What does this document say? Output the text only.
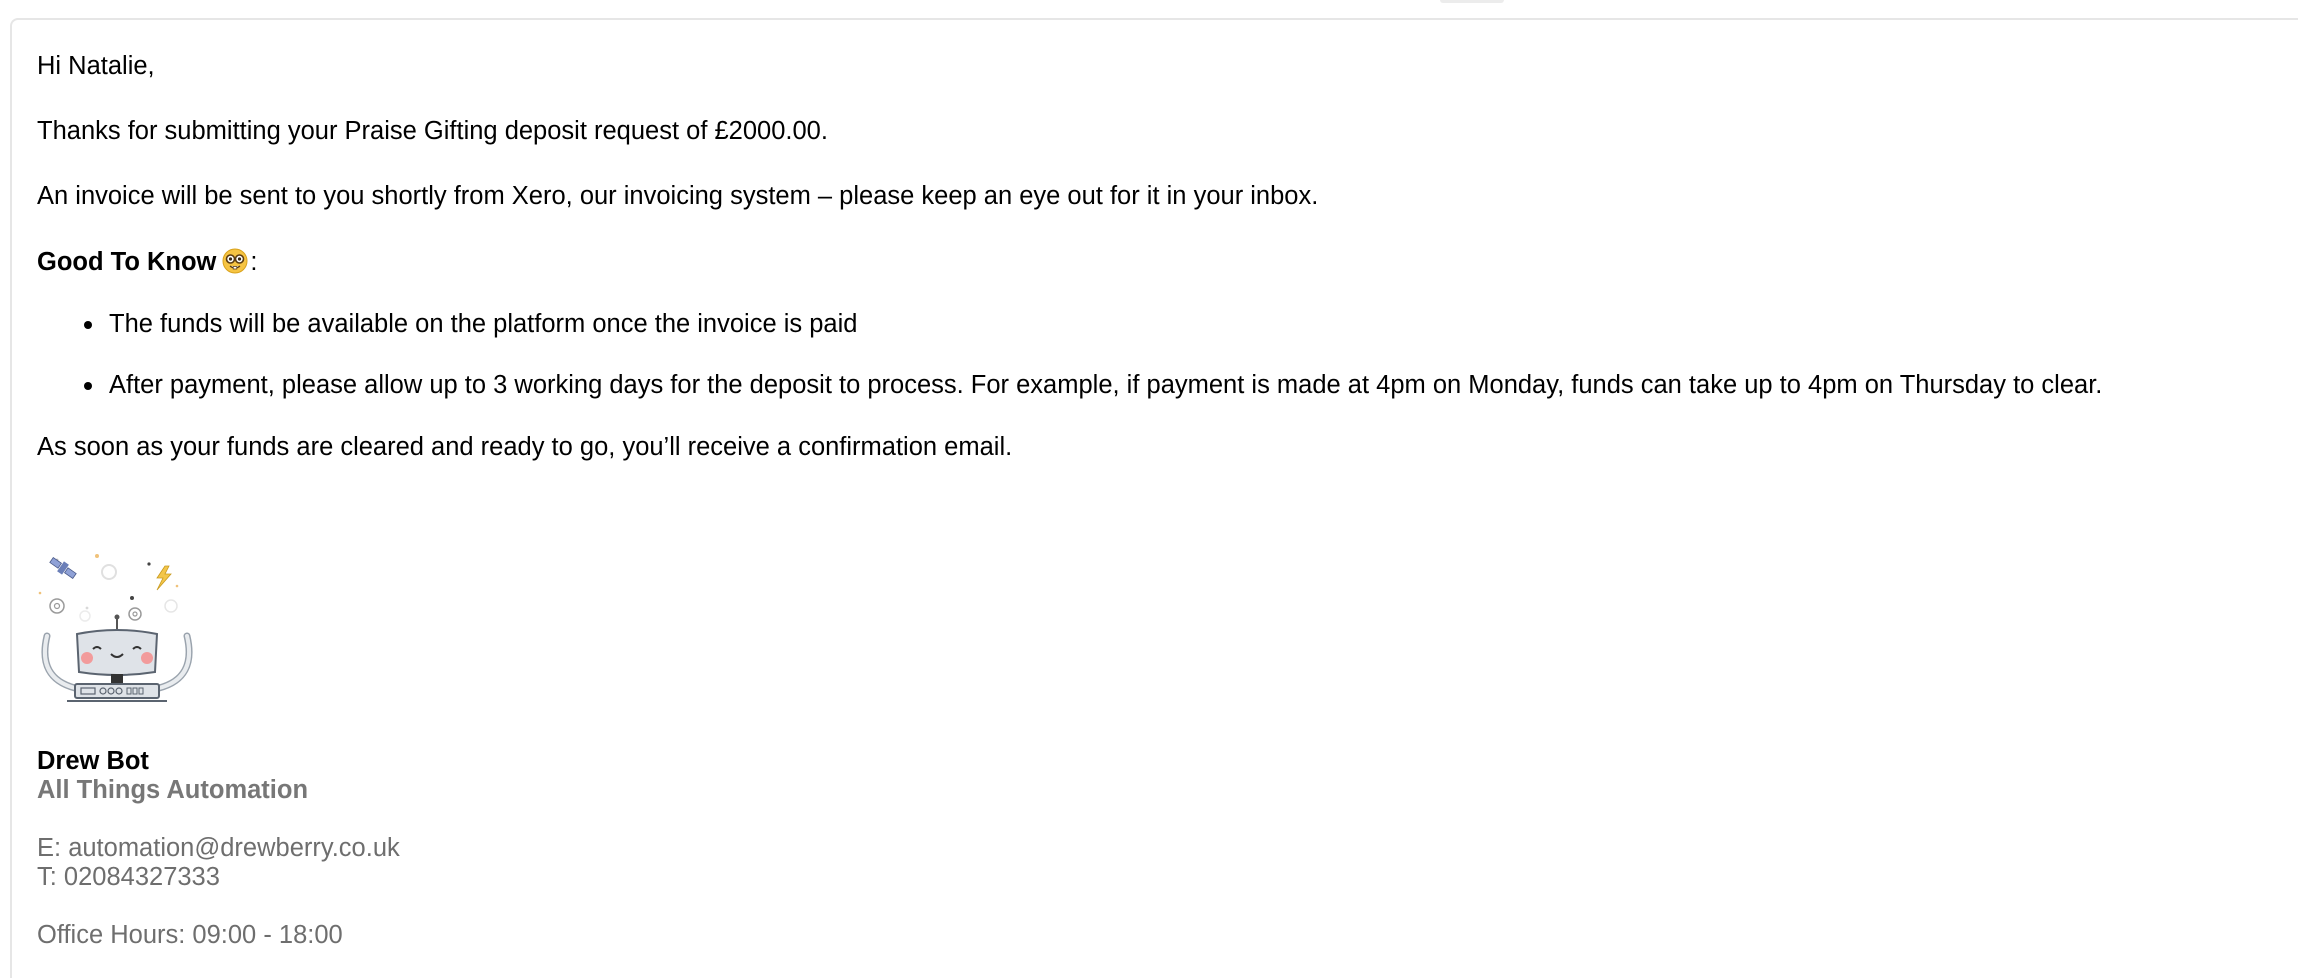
Hi Natalie,
Thanks for submitting your Praise Gifting deposit request of £2000.00.
An invoice will be sent to you shortly from Xero, our invoicing system – please keep an eye out for it in your inbox.
Good To Know :
The funds will be available on the platform once the invoice is paid
After payment, please allow up to 3 working days for the deposit to process. For example, if payment is made at 4pm on Monday, funds can take up to 4pm on Thursday to clear.
As soon as your funds are cleared and ready to go, you’ll receive a confirmation email.
Drew Bot
All Things Automation
E: automation@drewberry.co.uk
T: 02084327333
Office Hours: 09:00 - 18:00
